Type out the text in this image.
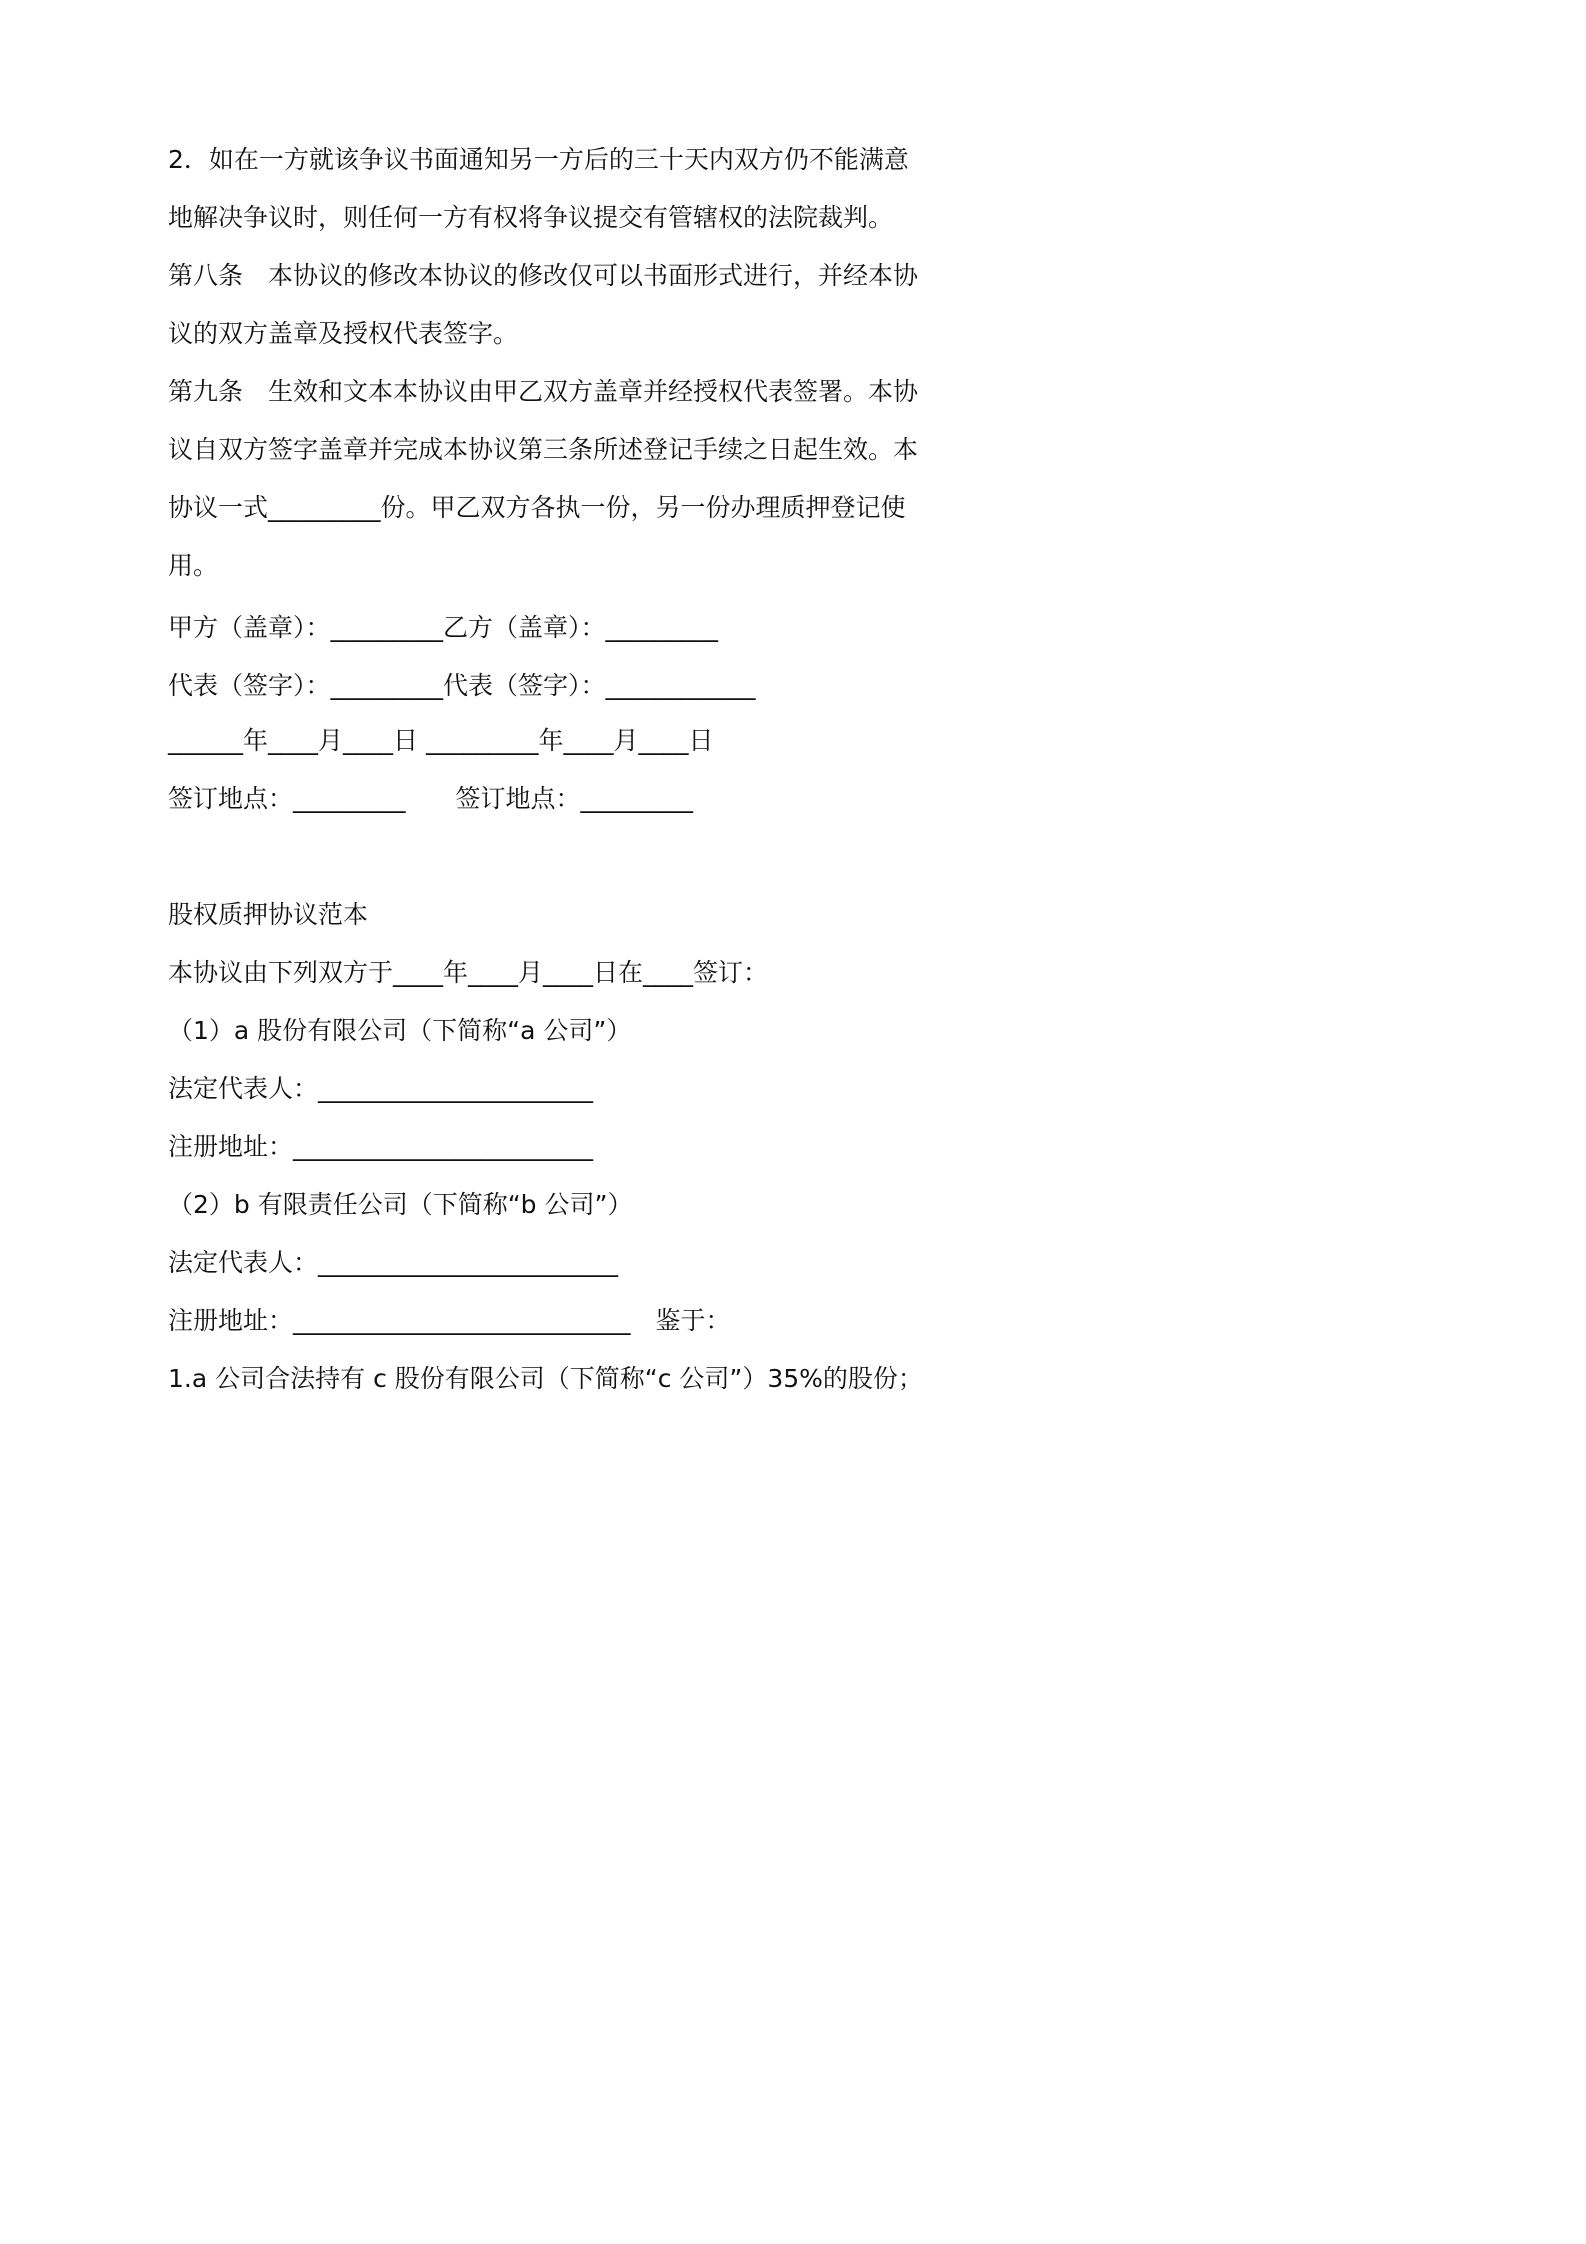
2．如在一方就该争议书面通知另一方后的三十天内双方仍不能满意
地解决争议时，则任何一方有权将争议提交有管辖权的法院裁判。
第八条　本协议的修改本协议的修改仅可以书面形式进行，并经本协
议的双方盖章及授权代表签字。
第九条　生效和文本本协议由甲乙双方盖章并经授权代表签署。本协
议自双方签字盖章并完成本协议第三条所述登记手续之日起生效。本
协议一式_________份。甲乙双方各执一份，另一份办理质押登记使
用。
甲方（盖章）：_________乙方（盖章）：_________
代表（签字）：_________代表（签字）：____________
______年____月____日 _________年____月____日
签订地点：_________　　签订地点：_________
股权质押协议范本
本协议由下列双方于____年____月____日在____签订：
（1）a 股份有限公司（下简称“a 公司”）
法定代表人：______________________
注册地址：________________________
（2）b 有限责任公司（下简称“b 公司”）
法定代表人：________________________
注册地址：___________________________　鉴于：
1.a 公司合法持有 c 股份有限公司（下简称“c 公司”）35%的股份；
